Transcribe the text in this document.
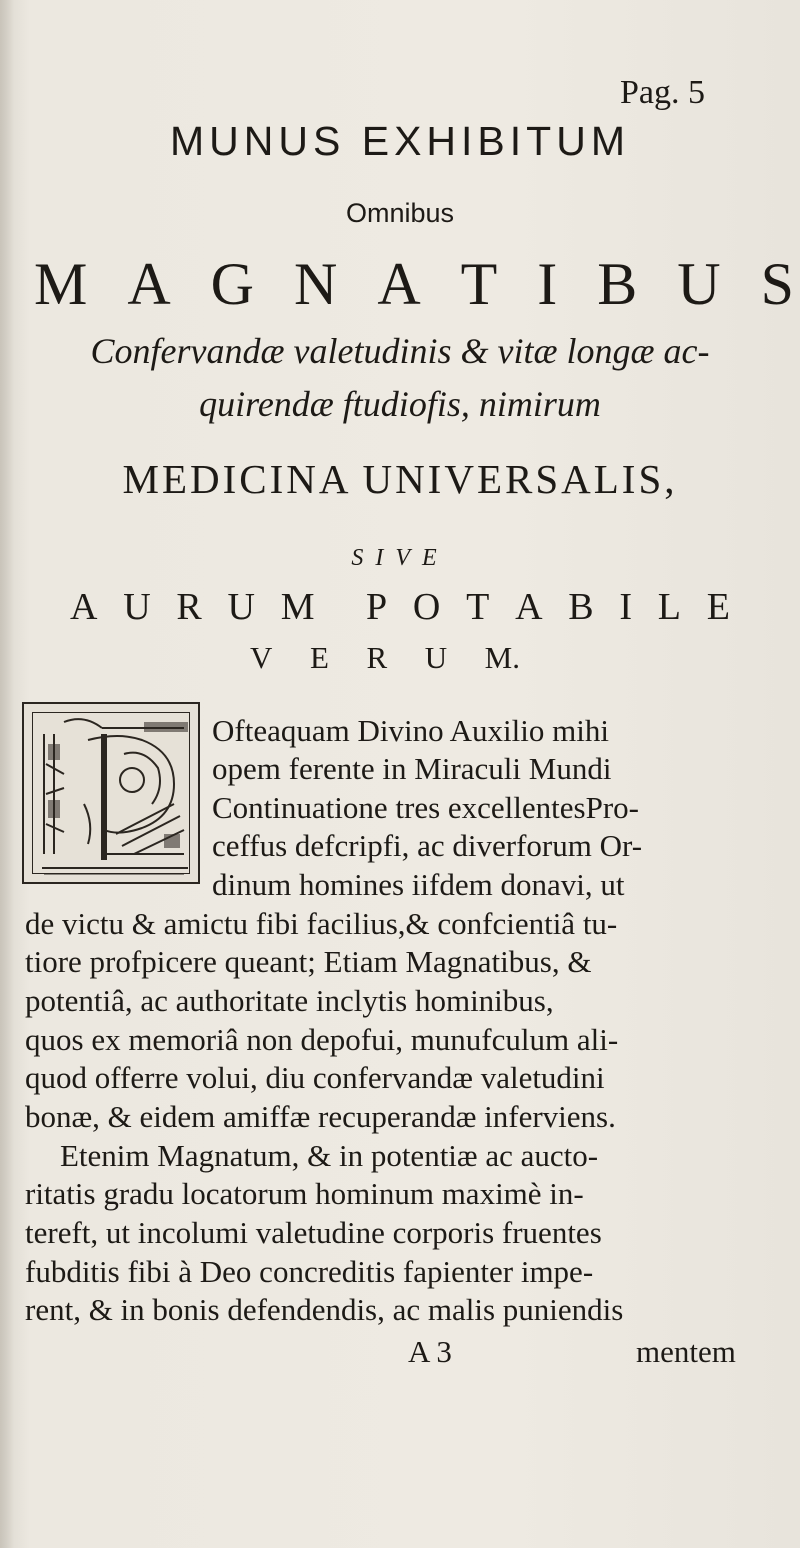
Pag. 5
MUNUS EXHIBITUM
Omnibus
M A G N A T I B U S
Confervandæ valetudinis & vitæ longæ ac-
quirendæ ftudiofis, nimirum
MEDICINA UNIVERSALIS,
SIVE
A U R U M P O T A B I L E
V E R U M.
Ofteaquam Divino Auxilio mihi
opem ferente in Miraculi Mundi
Continuatione tres excellentesPro-
ceffus defcripfi, ac diverforum Or-
dinum homines iifdem donavi, ut
de victu & amictu fibi facilius,& confcientiâ tu-
tiore profpicere queant; Etiam Magnatibus, &
potentiâ, ac authoritate inclytis hominibus,
quos ex memoriâ non depofui, munufculum ali-
quod offerre volui, diu confervandæ valetudini
bonæ, & eidem amiffæ recuperandæ inferviens.
Etenim Magnatum, & in potentiæ ac aucto-
ritatis gradu locatorum hominum maximè in-
tereft, ut incolumi valetudine corporis fruentes
fubditis fibi à Deo concreditis fapienter impe-
rent, & in bonis defendendis, ac malis puniendis
A 3	mentem
